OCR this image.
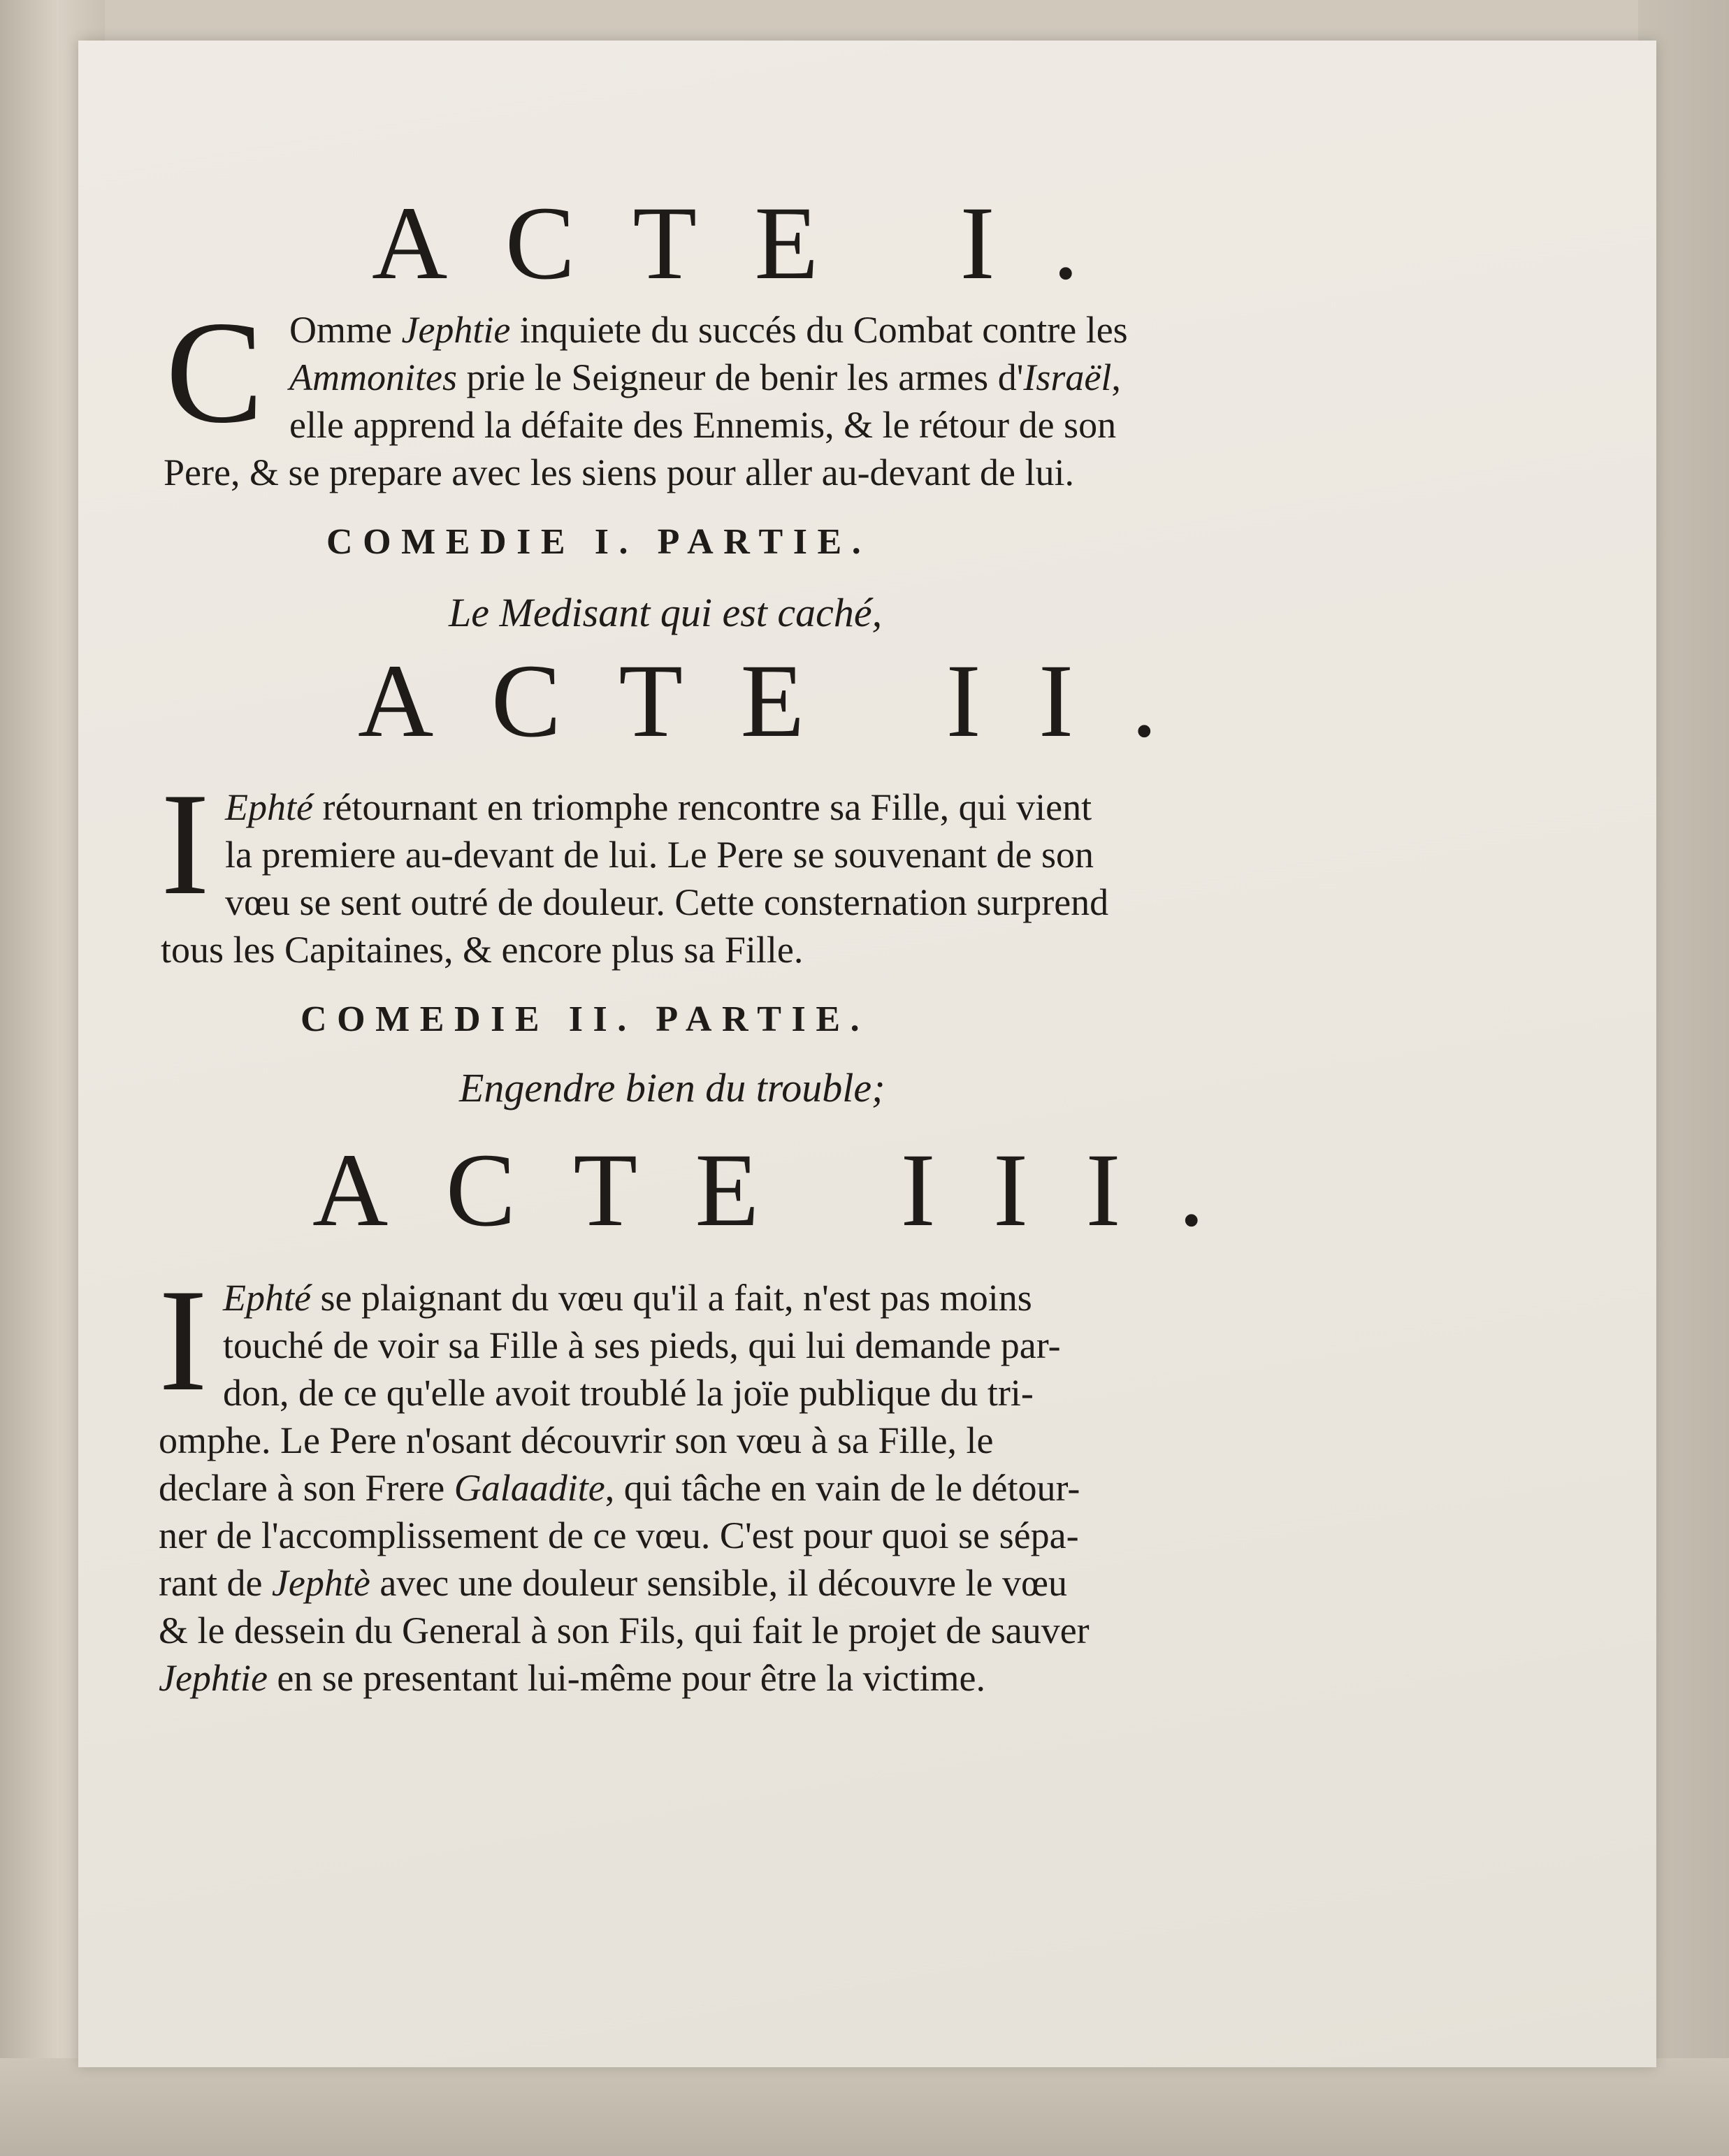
ACTE I.
C Omme Jephtie inquiete du succés du Combat contre les
Ammonites prie le Seigneur de benir les armes d'Israël,
elle apprend la défaite des Ennemis, & le rétour de son
Pere, & se prepare avec les siens pour aller au-devant de lui.
COMEDIE I. PARTIE.
Le Medisant qui est caché,
ACTE II.
I Ephté rétournant en triomphe rencontre sa Fille, qui vient
la premiere au-devant de lui. Le Pere se souvenant de son
vœu se sent outré de douleur. Cette consternation surprend
tous les Capitaines, & encore plus sa Fille.
COMEDIE II. PARTIE.
Engendre bien du trouble;
ACTE III.
I Ephté se plaignant du vœu qu'il a fait, n'est pas moins
touché de voir sa Fille à ses pieds, qui lui demande par-
don, de ce qu'elle avoit troublé la joïe publique du tri-
omphe. Le Pere n'osant découvrir son vœu à sa Fille, le
declare à son Frere Galaadite, qui tâche en vain de le détour-
ner de l'accomplissement de ce vœu. C'est pour quoi se sépa-
rant de Jephtè avec une douleur sensible, il découvre le vœu
& le dessein du General à son Fils, qui fait le projet de sauver
Jephtie en se presentant lui-même pour être la victime.
